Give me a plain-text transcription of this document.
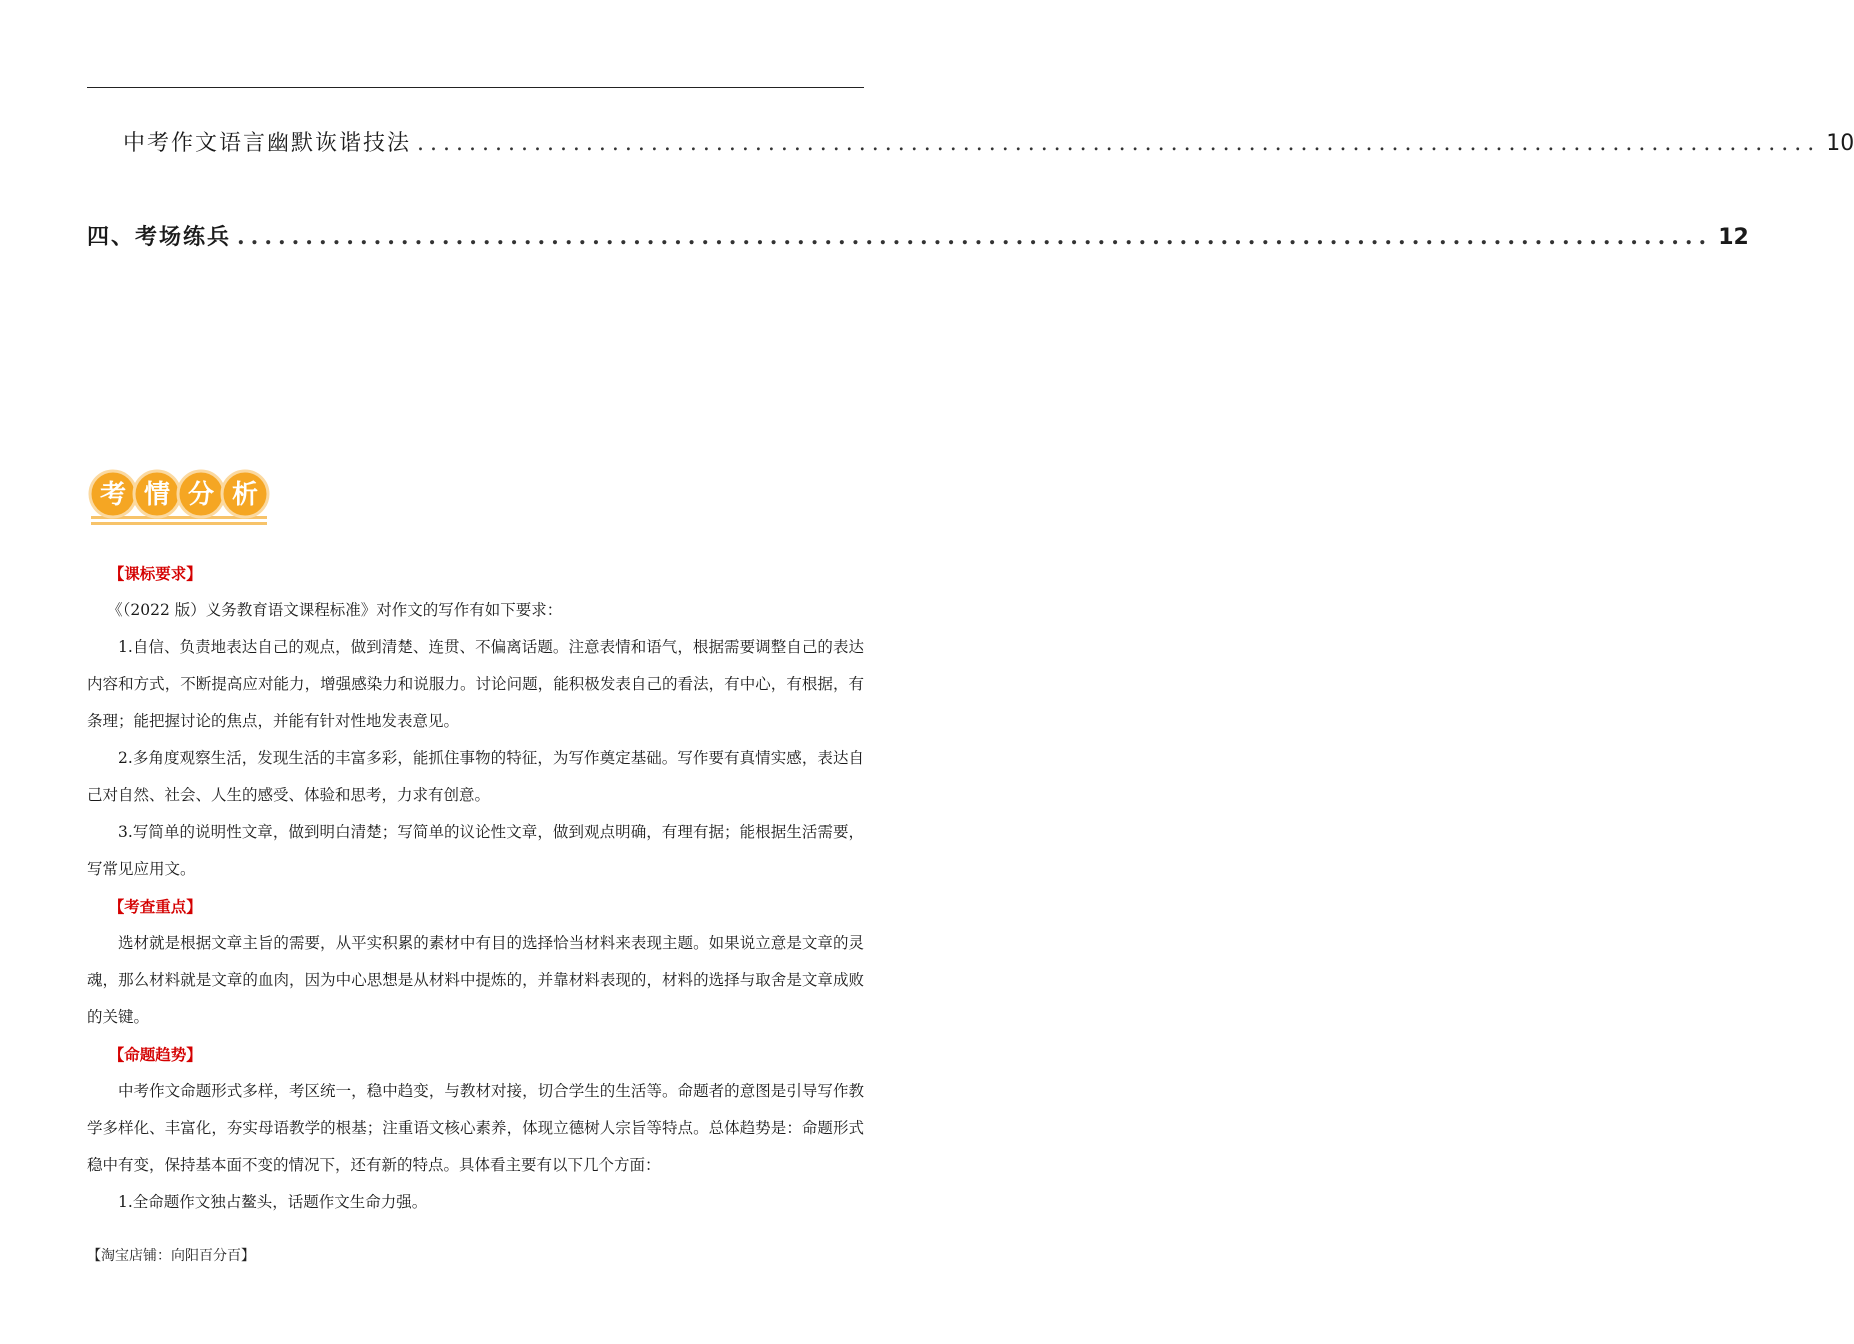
中考作文语言幽默诙谐技法 ............................................................................................................ 10
四、考场练兵 ............................................................................................................ 12
考 情 分 析

【课标要求】

《（2022 版）义务教育语文课程标准》对作文的写作有如下要求：

1.自信、负责地表达自己的观点，做到清楚、连贯、不偏离话题。注意表情和语气，根据需要调整自己的表达内容和方式，不断提高应对能力，增强感染力和说服力。讨论问题，能积极发表自己的看法，有中心，有根据，有条理；能把握讨论的焦点，并能有针对性地发表意见。

2.多角度观察生活，发现生活的丰富多彩，能抓住事物的特征，为写作奠定基础。写作要有真情实感，表达自己对自然、社会、人生的感受、体验和思考，力求有创意。

3.写简单的说明性文章，做到明白清楚；写简单的议论性文章，做到观点明确，有理有据；能根据生活需要，写常见应用文。

【考查重点】

选材就是根据文章主旨的需要，从平实积累的素材中有目的选择恰当材料来表现主题。如果说立意是文章的灵魂，那么材料就是文章的血肉，因为中心思想是从材料中提炼的，并靠材料表现的，材料的选择与取舍是文章成败的关键。

【命题趋势】

中考作文命题形式多样，考区统一，稳中趋变，与教材对接，切合学生的生活等。命题者的意图是引导写作教学多样化、丰富化，夯实母语教学的根基；注重语文核心素养，体现立德树人宗旨等特点。总体趋势是：命题形式稳中有变，保持基本面不变的情况下，还有新的特点。具体看主要有以下几个方面：

1.全命题作文独占鳌头，话题作文生命力强。

【淘宝店铺：向阳百分百】
